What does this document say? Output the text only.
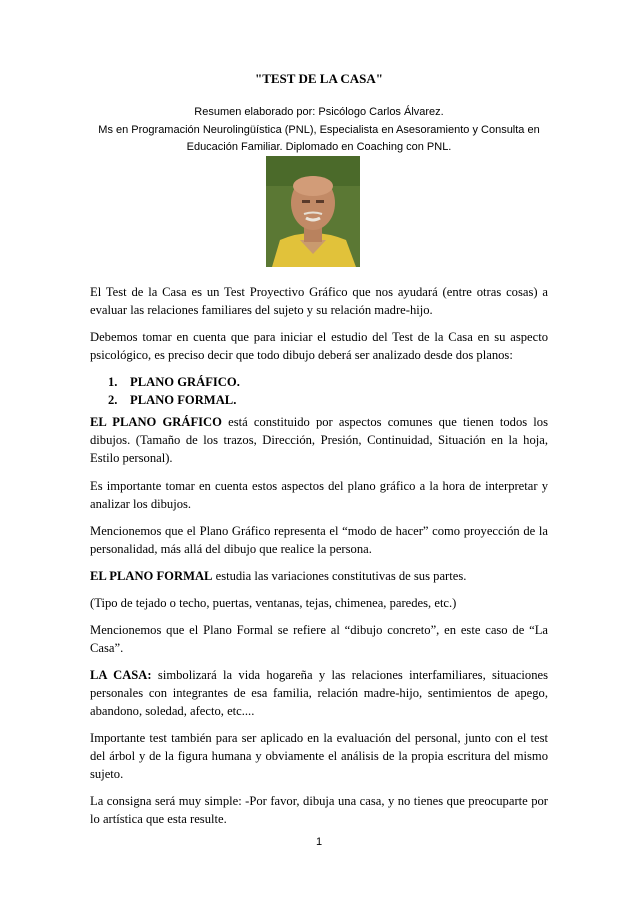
"TEST DE LA CASA"
Resumen elaborado por: Psicólogo Carlos Álvarez.
Ms en Programación Neurolingüística (PNL), Especialista en Asesoramiento y Consulta en
Educación Familiar. Diplomado en Coaching con PNL.

El Test de la Casa es un Test Proyectivo Gráfico que nos ayudará (entre otras cosas) a evaluar las relaciones familiares del sujeto y su relación madre-hijo.

Debemos tomar en cuenta que para iniciar el estudio del Test de la Casa en su aspecto psicológico, es preciso decir que todo dibujo deberá ser analizado desde dos planos:

1. PLANO GRÁFICO.
2. PLANO FORMAL.

EL PLANO GRÁFICO está constituido por aspectos comunes que tienen todos los dibujos. (Tamaño de los trazos, Dirección, Presión, Continuidad, Situación en la hoja, Estilo personal).

Es importante tomar en cuenta estos aspectos del plano gráfico a la hora de interpretar y analizar los dibujos.

Mencionemos que el Plano Gráfico representa el “modo de hacer” como proyección de la personalidad, más allá del dibujo que realice la persona.

EL PLANO FORMAL estudia las variaciones constitutivas de sus partes.

(Tipo de tejado o techo, puertas, ventanas, tejas, chimenea, paredes, etc.)

Mencionemos que el Plano Formal se refiere al “dibujo concreto”, en este caso de “La Casa”.

LA CASA: simbolizará la vida hogareña y las relaciones interfamiliares, situaciones personales con integrantes de esa familia, relación madre-hijo, sentimientos de apego, abandono, soledad, afecto, etc....

Importante test también para ser aplicado en la evaluación del personal, junto con el test del árbol y de la figura humana y obviamente el análisis de la propia escritura del mismo sujeto.

La consigna será muy simple: -Por favor, dibuja una casa, y no tienes que preocuparte por lo artística que esta resulte.

1
